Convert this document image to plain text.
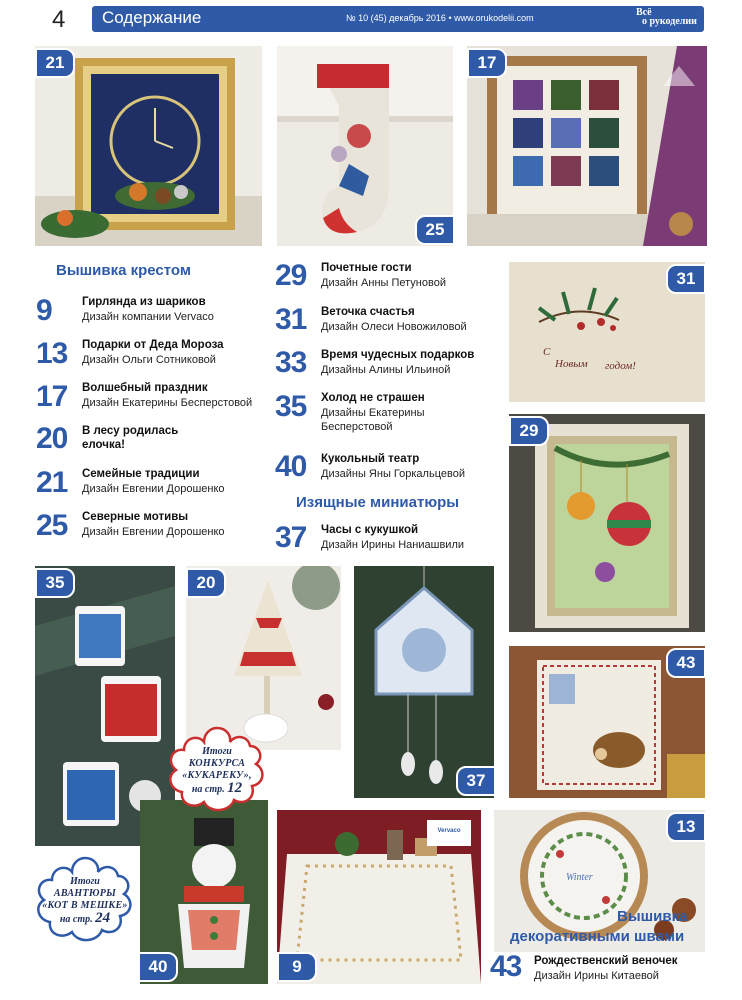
4 Содержание	№ 10 (45) декабрь 2016 • www.orukodelii.com	Всё
о рукоделии
21
25
17
Вышивка крестом
9	Гирлянда из шариков
Дизайн компании Vervaco
13 Подарки от Деда Мороза
Дизайн Ольги Сотниковой
17 Волшебный праздник
Дизайн Екатерины Бесперстовой
20 В лесу родилась
елочка!
21 Семейные традиции
Дизайн Евгении Дорошенко
25 Северные мотивы
Дизайн Евгении Дорошенко
29 Почетные гости
Дизайн Анны Петуновой
31 Веточка счастья
Дизайн Олеси Новожиловой
33 Время чудесных подарков
Дизайны Алины Ильиной
35 Холод не страшен
Дизайны Екатерины
Бесперстовой
40 Кукольный театр
Дизайны Яны Горкальцевой
Изящные миниатюры
37 Часы с кукушкой
Дизайн Ирины Наниашвили
С
Новым годом!
31
29
35	20
37
43
Vervaco
9
Winter
13
40
Вышивка
декоративными швами
43 Рождественский веночек
Дизайн Ирины Китаевой
Итоги
КОНКУРСА
«КУКАРЕКУ»,
на стр. 12
Итоги
АВАНТЮРЫ
«КОТ В МЕШКЕ»
на стр. 24
